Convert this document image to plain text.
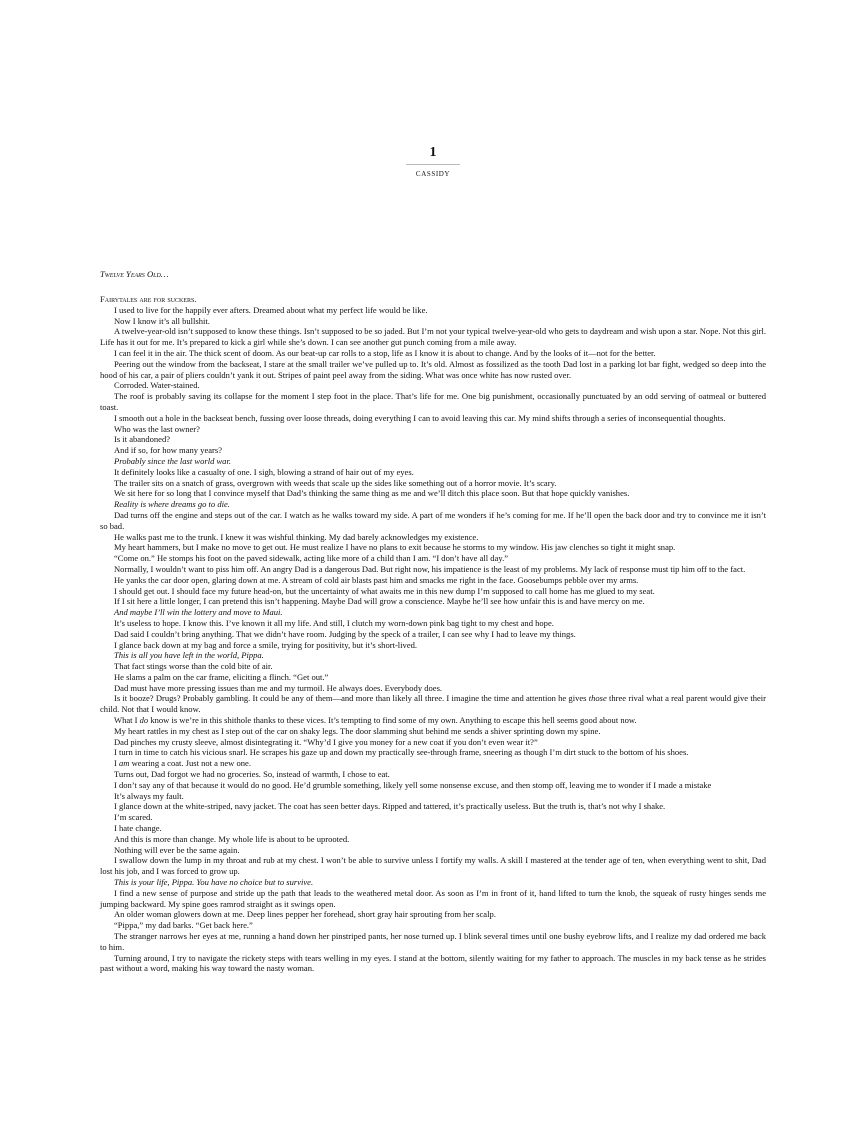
1
CASSIDY
Twelve Years Old…

Fairytales are for suckers.

I used to live for the happily ever afters. Dreamed about what my perfect life would be like.

Now I know it’s all bullshit.

A twelve-year-old isn’t supposed to know these things. Isn’t supposed to be so jaded. But I’m not your typical twelve-year-old who gets to daydream and wish upon a star. Nope. Not this girl. Life has it out for me. It’s prepared to kick a girl while she’s down. I can see another gut punch coming from a mile away.

I can feel it in the air. The thick scent of doom. As our beat-up car rolls to a stop, life as I know it is about to change. And by the looks of it—not for the better.

Peering out the window from the backseat, I stare at the small trailer we’ve pulled up to. It’s old. Almost as fossilized as the tooth Dad lost in a parking lot bar fight, wedged so deep into the hood of his car, a pair of pliers couldn’t yank it out. Stripes of paint peel away from the siding. What was once white has now rusted over.

Corroded. Water-stained.

The roof is probably saving its collapse for the moment I step foot in the place. That’s life for me. One big punishment, occasionally punctuated by an odd serving of oatmeal or buttered toast.

I smooth out a hole in the backseat bench, fussing over loose threads, doing everything I can to avoid leaving this car. My mind shifts through a series of inconsequential thoughts.

Who was the last owner?

Is it abandoned?

And if so, for how many years?

Probably since the last world war.

It definitely looks like a casualty of one. I sigh, blowing a strand of hair out of my eyes.

The trailer sits on a snatch of grass, overgrown with weeds that scale up the sides like something out of a horror movie. It’s scary.

We sit here for so long that I convince myself that Dad’s thinking the same thing as me and we’ll ditch this place soon. But that hope quickly vanishes.

Reality is where dreams go to die.

Dad turns off the engine and steps out of the car. I watch as he walks toward my side. A part of me wonders if he’s coming for me. If he’ll open the back door and try to convince me it isn’t so bad.

He walks past me to the trunk. I knew it was wishful thinking. My dad barely acknowledges my existence.

My heart hammers, but I make no move to get out. He must realize I have no plans to exit because he storms to my window. His jaw clenches so tight it might snap.

“Come on.” He stomps his foot on the paved sidewalk, acting like more of a child than I am. “I don’t have all day.”

Normally, I wouldn’t want to piss him off. An angry Dad is a dangerous Dad. But right now, his impatience is the least of my problems. My lack of response must tip him off to the fact.

He yanks the car door open, glaring down at me. A stream of cold air blasts past him and smacks me right in the face. Goosebumps pebble over my arms.

I should get out. I should face my future head-on, but the uncertainty of what awaits me in this new dump I’m supposed to call home has me glued to my seat.

If I sit here a little longer, I can pretend this isn’t happening. Maybe Dad will grow a conscience. Maybe he’ll see how unfair this is and have mercy on me.

And maybe I’ll win the lottery and move to Maui.

It’s useless to hope. I know this. I’ve known it all my life. And still, I clutch my worn-down pink bag tight to my chest and hope.

Dad said I couldn’t bring anything. That we didn’t have room. Judging by the speck of a trailer, I can see why I had to leave my things.

I glance back down at my bag and force a smile, trying for positivity, but it’s short-lived.

This is all you have left in the world, Pippa.

That fact stings worse than the cold bite of air.

He slams a palm on the car frame, eliciting a flinch. “Get out.”

Dad must have more pressing issues than me and my turmoil. He always does. Everybody does.

Is it booze? Drugs? Probably gambling. It could be any of them—and more than likely all three. I imagine the time and attention he gives those three rival what a real parent would give their child. Not that I would know.

What I do know is we’re in this shithole thanks to these vices. It’s tempting to find some of my own. Anything to escape this hell seems good about now.

My heart rattles in my chest as I step out of the car on shaky legs. The door slamming shut behind me sends a shiver sprinting down my spine.

Dad pinches my crusty sleeve, almost disintegrating it. “Why’d I give you money for a new coat if you don’t even wear it?”

I turn in time to catch his vicious snarl. He scrapes his gaze up and down my practically see-through frame, sneering as though I’m dirt stuck to the bottom of his shoes.

I am wearing a coat. Just not a new one.

Turns out, Dad forgot we had no groceries. So, instead of warmth, I chose to eat.

I don’t say any of that because it would do no good. He’d grumble something, likely yell some nonsense excuse, and then stomp off, leaving me to wonder if I made a mistake

It’s always my fault.

I glance down at the white-striped, navy jacket. The coat has seen better days. Ripped and tattered, it’s practically useless. But the truth is, that’s not why I shake.

I’m scared.

I hate change.

And this is more than change. My whole life is about to be uprooted.

Nothing will ever be the same again.

I swallow down the lump in my throat and rub at my chest. I won’t be able to survive unless I fortify my walls. A skill I mastered at the tender age of ten, when everything went to shit, Dad lost his job, and I was forced to grow up.

This is your life, Pippa. You have no choice but to survive.

I find a new sense of purpose and stride up the path that leads to the weathered metal door. As soon as I’m in front of it, hand lifted to turn the knob, the squeak of rusty hinges sends me jumping backward. My spine goes ramrod straight as it swings open.

An older woman glowers down at me. Deep lines pepper her forehead, short gray hair sprouting from her scalp.

“Pippa,” my dad barks. “Get back here.”

The stranger narrows her eyes at me, running a hand down her pinstriped pants, her nose turned up. I blink several times until one bushy eyebrow lifts, and I realize my dad ordered me back to him.

Turning around, I try to navigate the rickety steps with tears welling in my eyes. I stand at the bottom, silently waiting for my father to approach. The muscles in my back tense as he strides past without a word, making his way toward the nasty woman.
